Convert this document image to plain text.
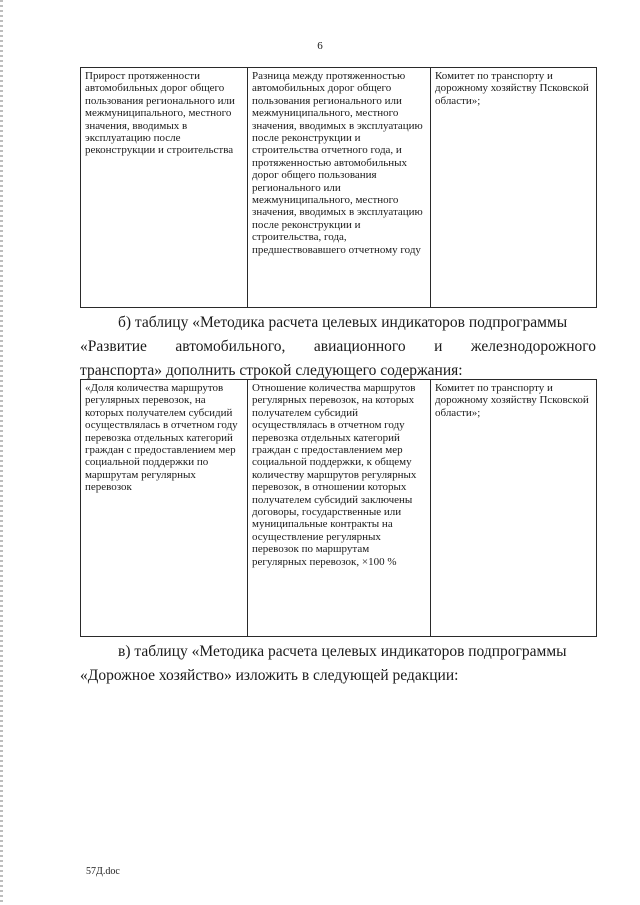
6
Прирост протяженности автомобильных дорог общего пользования регионального или межмуниципального, местного значения, вводимых в эксплуатацию после реконструкции и строительства	Разница между протяженностью автомобильных дорог общего пользования регионального или межмуниципального, местного значения, вводимых в эксплуатацию после реконструкции и строительства отчетного года, и протяженностью автомобильных дорог общего пользования регионального или межмуниципального, местного значения, вводимых в эксплуатацию после реконструкции и строительства, года, предшествовавшего отчетному году	Комитет по транспорту и дорожному хозяйству Псковской области»;
б) таблицу «Методика расчета целевых индикаторов подпрограммы
«Развитие автомобильного, авиационного и железнодорожного
транспорта» дополнить строкой следующего содержания:
«Доля количества маршрутов регулярных перевозок, на которых получателем субсидий осуществлялась в отчетном году перевозка отдельных категорий граждан с предоставлением мер социальной поддержки по маршрутам регулярных перевозок	Отношение количества маршрутов регулярных перевозок, на которых получателем субсидий осуществлялась в отчетном году перевозка отдельных категорий граждан с предоставлением мер социальной поддержки, к общему количеству маршрутов регулярных перевозок, в отношении которых получателем субсидий заключены договоры, государственные или муниципальные контракты на осуществление регулярных перевозок по маршрутам регулярных перевозок, ×100 %	Комитет по транспорту и дорожному хозяйству Псковской области»;
в) таблицу «Методика расчета целевых индикаторов подпрограммы
«Дорожное хозяйство» изложить в следующей редакции:
57Д.doc
